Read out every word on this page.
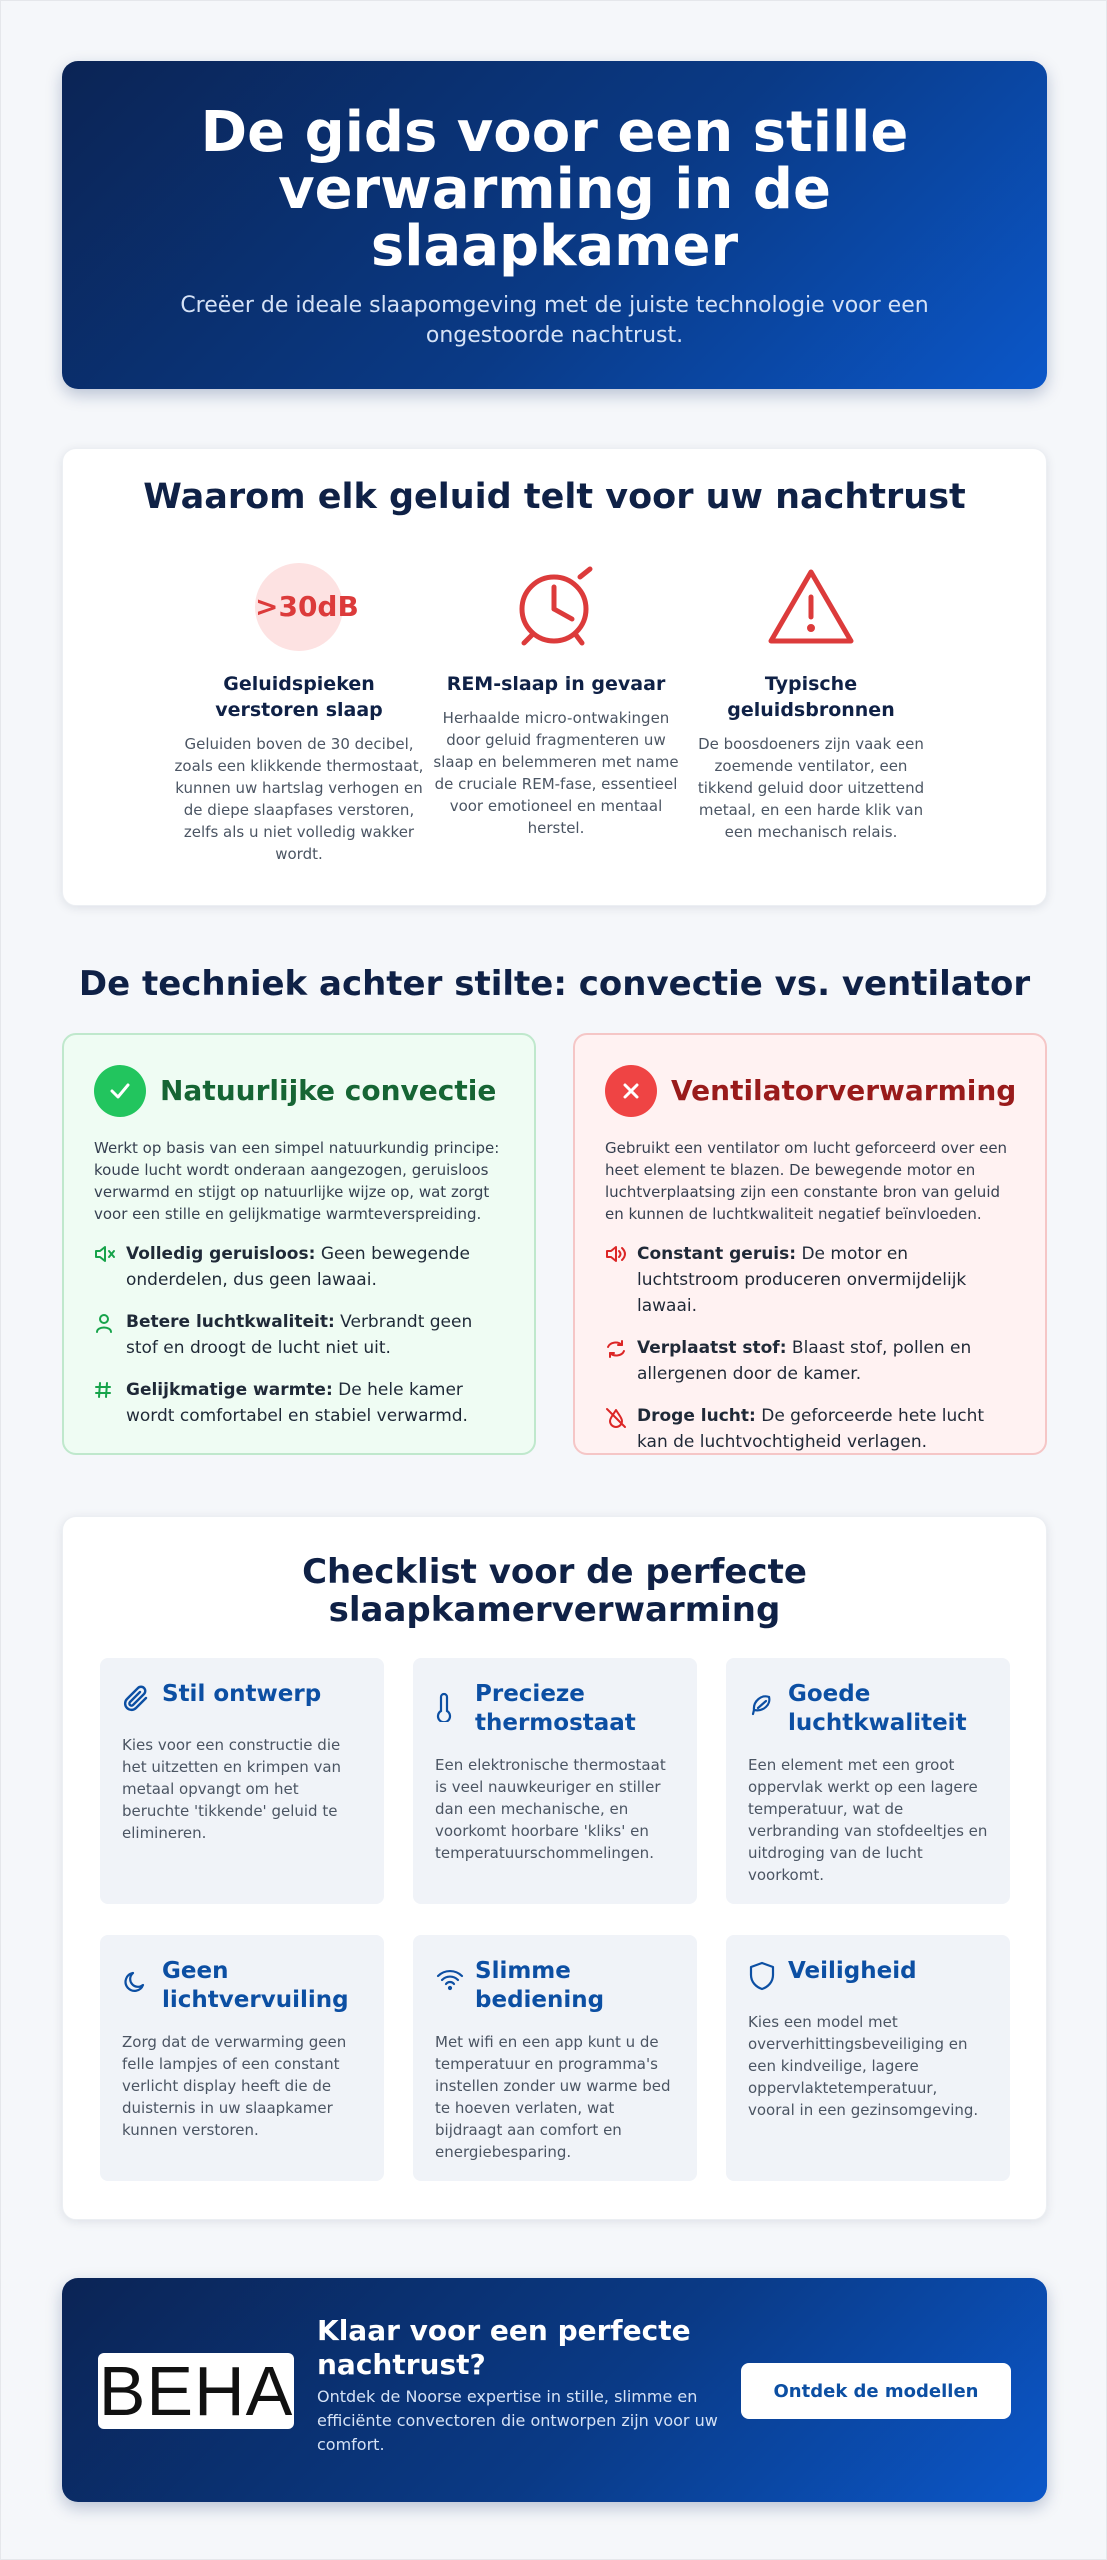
De gids voor een stille verwarming in de slaapkamer

Creëer de ideale slaapomgeving met de juiste technologie voor een ongestoorde nachtrust.

Waarom elk geluid telt voor uw nachtrust
>30dB
Geluidspieken verstoren slaap

Geluiden boven de 30 decibel, zoals een klikkende thermostaat, kunnen uw hartslag verhogen en de diepe slaapfases verstoren, zelfs als u niet volledig wakker wordt.

REM-slaap in gevaar

Herhaalde micro-ontwakingen door geluid fragmenteren uw slaap en belemmeren met name de cruciale REM-fase, essentieel voor emotioneel en mentaal herstel.

Typische geluidsbronnen

De boosdoeners zijn vaak een zoemende ventilator, een tikkend geluid door uitzettend metaal, en een harde klik van een mechanisch relais.

De techniek achter stilte: convectie vs. ventilator
Natuurlijke convectie

Werkt op basis van een simpel natuurkundig principe: koude lucht wordt onderaan aangezogen, geruisloos verwarmd en stijgt op natuurlijke wijze op, wat zorgt voor een stille en gelijkmatige warmteverspreiding.

Volledig geruisloos: Geen bewegende onderdelen, dus geen lawaai.
Betere luchtkwaliteit: Verbrandt geen stof en droogt de lucht niet uit.
Gelijkmatige warmte: De hele kamer wordt comfortabel en stabiel verwarmd.
Ventilatorverwarming

Gebruikt een ventilator om lucht geforceerd over een heet element te blazen. De bewegende motor en luchtverplaatsing zijn een constante bron van geluid en kunnen de luchtkwaliteit negatief beïnvloeden.

Constant geruis: De motor en luchtstroom produceren onvermijdelijk lawaai.
Verplaatst stof: Blaast stof, pollen en allergenen door de kamer.
Droge lucht: De geforceerde hete lucht kan de luchtvochtigheid verlagen.
Checklist voor de perfecte slaapkamerverwarming
Stil ontwerp

Kies voor een constructie die het uitzetten en krimpen van metaal opvangt om het beruchte 'tikkende' geluid te elimineren.

Precieze thermostaat

Een elektronische thermostaat is veel nauwkeuriger en stiller dan een mechanische, en voorkomt hoorbare 'kliks' en temperatuurschommelingen.

Goede luchtkwaliteit

Een element met een groot oppervlak werkt op een lagere temperatuur, wat de verbranding van stofdeeltjes en uitdroging van de lucht voorkomt.

Geen lichtvervuiling

Zorg dat de verwarming geen felle lampjes of een constant verlicht display heeft die de duisternis in uw slaapkamer kunnen verstoren.

Slimme bediening

Met wifi en een app kunt u de temperatuur en programma's instellen zonder uw warme bed te hoeven verlaten, wat bijdraagt aan comfort en energiebesparing.

Veiligheid

Kies een model met oververhittingsbeveiliging en een kindveilige, lagere oppervlaktetemperatuur, vooral in een gezinsomgeving.

BEHA
Klaar voor een perfecte nachtrust?

Ontdek de Noorse expertise in stille, slimme en efficiënte convectoren die ontworpen zijn voor uw comfort.

Ontdek de modellen
